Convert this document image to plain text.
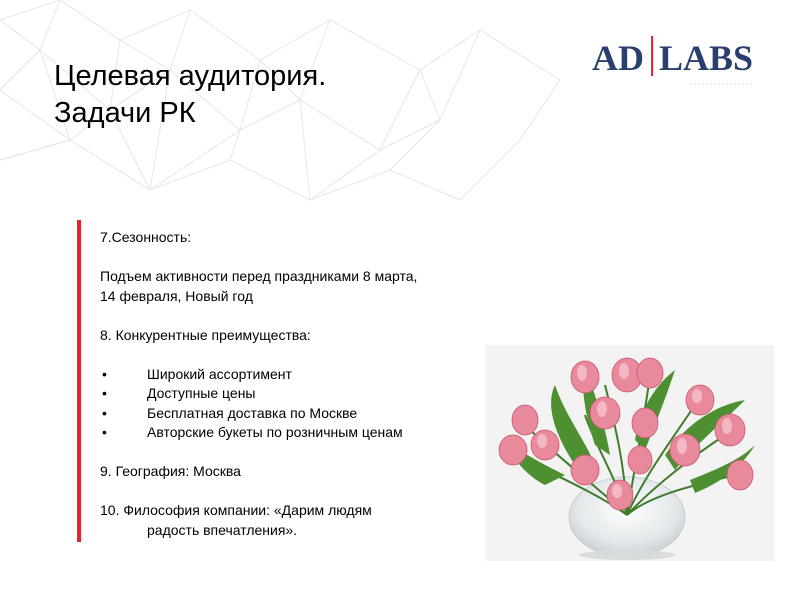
Целевая аудитория.
Задачи РК
AD LABS

7.Сезонность:

Подъем активности перед праздниками 8 марта,

14 февраля, Новый год

8. Конкурентные преимущества:

•	Широкий ассортимент
•	Доступные цены
•	Бесплатная доставка по Москве
•	Авторские букеты по розничным ценам

9. География: Москва

10. Философия компании: «Дарим людям

радость впечатления».
